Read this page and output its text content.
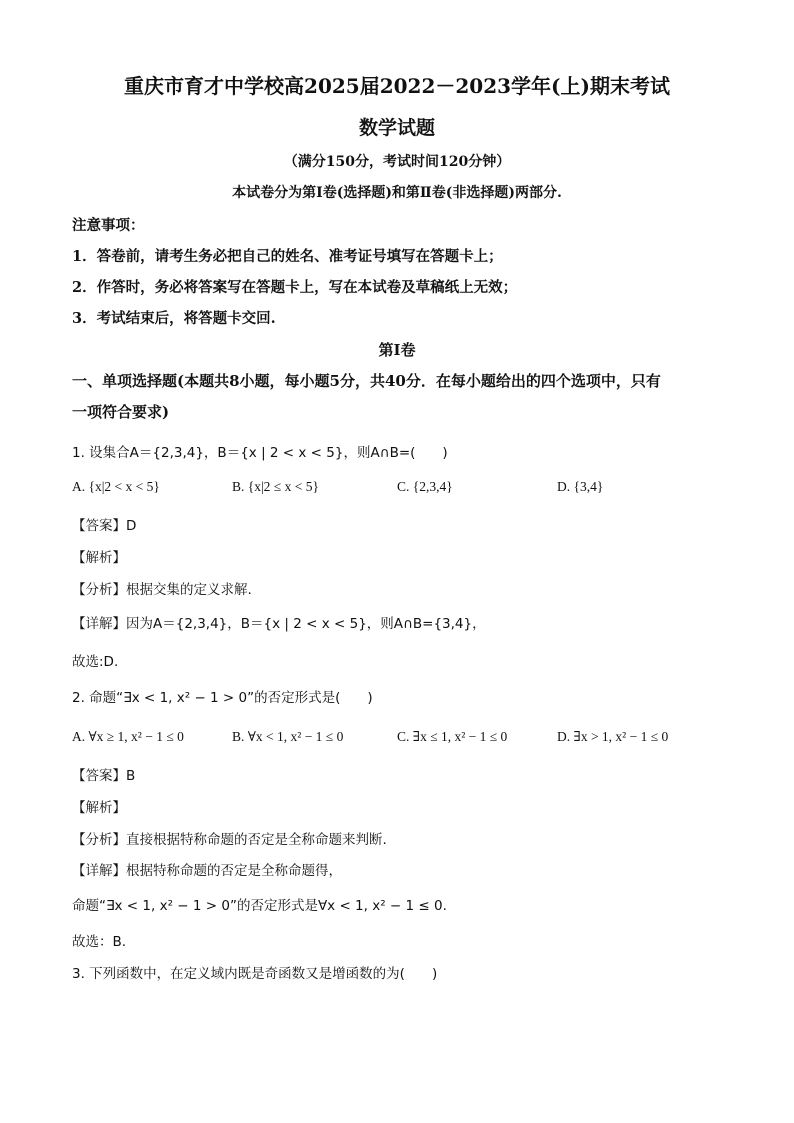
重庆市育才中学校高2025届2022－2023学年(上)期末考试
数学试题
（满分150分，考试时间120分钟）
本试卷分为第Ⅰ卷(选择题)和第Ⅱ卷(非选择题)两部分.
注意事项：
1．答卷前，请考生务必把自己的姓名、准考证号填写在答题卡上；
2．作答时，务必将答案写在答题卡上，写在本试卷及草稿纸上无效；
3．考试结束后，将答题卡交回.
第Ⅰ卷
一、单项选择题(本题共8小题，每小题5分，共40分．在每小题给出的四个选项中，只有
一项符合要求)
1. 设集合A＝{2,3,4}，B＝{x | 2 < x < 5}，则A∩B=(　　)
A. {x|2 < x < 5}	B. {x|2 ≤ x < 5}	C. {2,3,4}	D. {3,4}
【答案】D
【解析】
【分析】根据交集的定义求解.
【详解】因为A＝{2,3,4}，B＝{x | 2 < x < 5}，则A∩B={3,4}，
故选:D.
2. 命题“∃x < 1, x² − 1 > 0”的否定形式是(　　)
A. ∀x ≥ 1, x² − 1 ≤ 0	B. ∀x < 1, x² − 1 ≤ 0	C. ∃x ≤ 1, x² − 1 ≤ 0	D. ∃x > 1, x² − 1 ≤ 0
【答案】B
【解析】
【分析】直接根据特称命题的否定是全称命题来判断.
【详解】根据特称命题的否定是全称命题得，
命题“∃x < 1, x² − 1 > 0”的否定形式是∀x < 1, x² − 1 ≤ 0.
故选：B.
3. 下列函数中，在定义域内既是奇函数又是增函数的为(　　)
